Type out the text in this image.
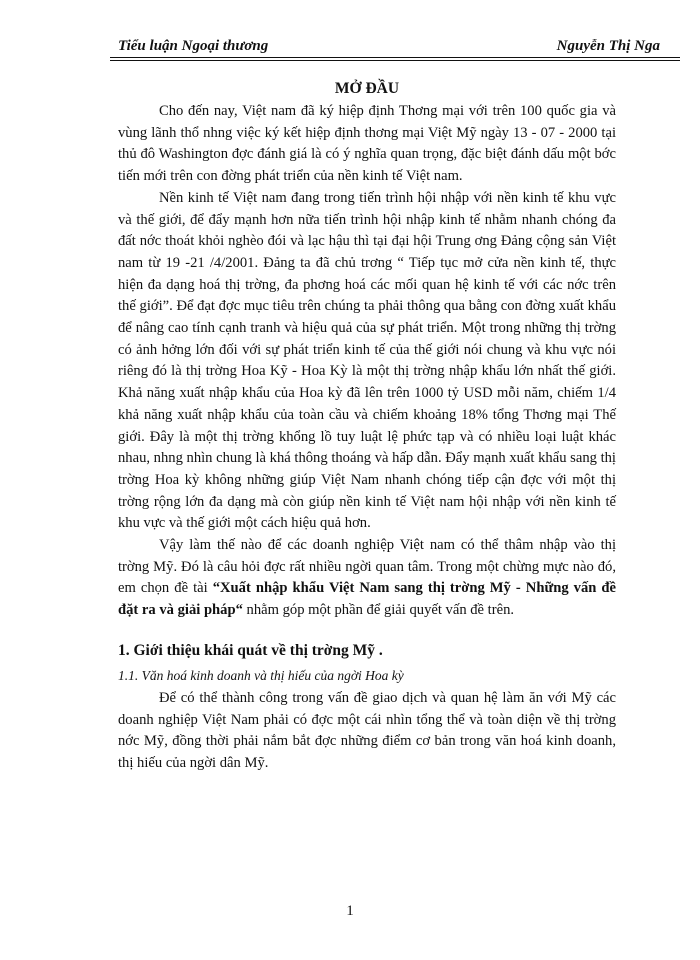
Tiểu luận Ngoại thương	Nguyễn Thị Nga
MỞ ĐẦU

Cho đến nay, Việt nam đã ký hiệp định Thơng mại với trên 100 quốc gia và vùng lãnh thổ nhng việc ký kết hiệp định thơng mại Việt Mỹ ngày 13 - 07 - 2000 tại thủ đô Washington đợc đánh giá là có ý nghĩa quan trọng, đặc biệt đánh dấu một bớc tiến mới trên con đờng phát triển của nền kinh tế Việt nam.

Nền kinh tế Việt nam đang trong tiến trình hội nhập với nền kinh tế khu vực và thế giới, để đẩy mạnh hơn nữa tiến trình hội nhập kinh tế nhằm nhanh chóng đa đất nớc thoát khỏi nghèo đói và lạc hậu thì tại đại hội Trung ơng Đảng cộng sản Việt nam từ 19 -21 /4/2001. Đảng ta đã chủ trơng “ Tiếp tục mở cửa nền kinh tế, thực hiện đa dạng hoá thị trờng, đa phơng hoá các mối quan hệ kinh tế với các nớc trên thế giới”. Để đạt đợc mục tiêu trên chúng ta phải thông qua bằng con đờng xuất khẩu để nâng cao tính cạnh tranh và hiệu quả của sự phát triển. Một trong những thị trờng có ảnh hởng lớn đối với sự phát triển kinh tế của thế giới nói chung và khu vực nói riêng đó là thị trờng Hoa Kỹ - Hoa Kỳ là một thị trờng nhập khẩu lớn nhất thế giới. Khả năng xuất nhập khẩu của Hoa kỳ đã lên trên 1000 tỷ USD mỗi năm, chiếm 1/4 khả năng xuất nhập khẩu của toàn cầu và chiếm khoảng 18% tổng Thơng mại Thế giới. Đây là một thị trờng khổng lồ tuy luật lệ phức tạp và có nhiều loại luật khác nhau, nhng nhìn chung là khá thông thoáng và hấp dẫn. Đẩy mạnh xuất khẩu sang thị trờng Hoa kỳ không những giúp Việt Nam nhanh chóng tiếp cận đợc với một thị trờng rộng lớn đa dạng mà còn giúp nền kinh tế Việt nam hội nhập với nền kinh tế khu vực và thế giới một cách hiệu quả hơn.

Vậy làm thế nào để các doanh nghiệp Việt nam có thể thâm nhập vào thị trờng Mỹ. Đó là câu hỏi đợc rất nhiều ngời quan tâm. Trong một chừng mực nào đó, em chọn đề tài “Xuất nhập khẩu Việt Nam sang thị trờng Mỹ - Những vấn đề đặt ra và giải pháp“ nhằm góp một phần để giải quyết vấn đề trên.

1. Giới thiệu khái quát về thị trờng Mỹ .
1.1. Văn hoá kinh doanh và thị hiếu của ngời Hoa kỳ

Để có thể thành công trong vấn đề giao dịch và quan hệ làm ăn với Mỹ các doanh nghiệp Việt Nam phải có đợc một cái nhìn tổng thể và toàn diện về thị trờng nớc Mỹ, đồng thời phải nắm bắt đợc những điểm cơ bản trong văn hoá kinh doanh, thị hiếu của ngời dân Mỹ.

1
